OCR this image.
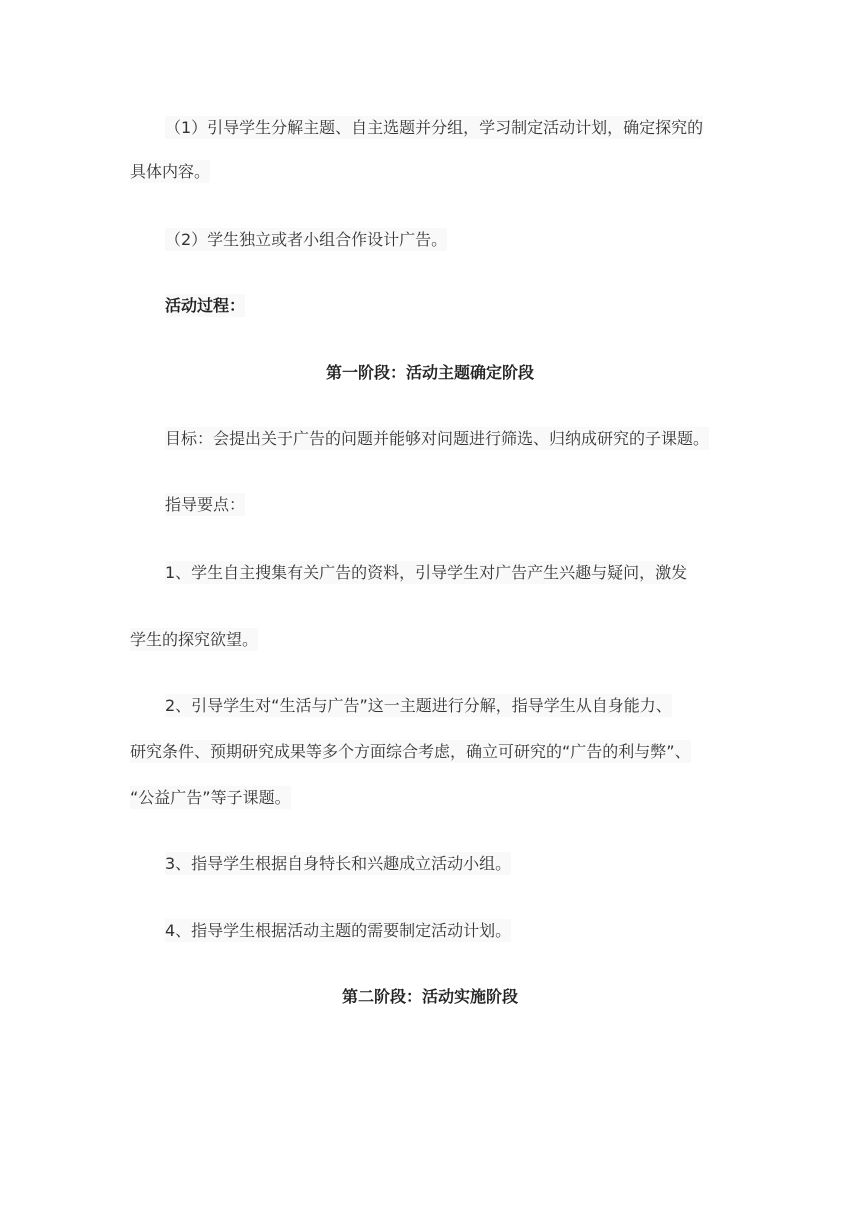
（1）引导学生分解主题、自主选题并分组，学习制定活动计划，确定探究的
具体内容。
（2）学生独立或者小组合作设计广告。
活动过程：
第一阶段：活动主题确定阶段
目标：会提出关于广告的问题并能够对问题进行筛选、归纳成研究的子课题。
指导要点：
1、学生自主搜集有关广告的资料，引导学生对广告产生兴趣与疑问，激发
学生的探究欲望。
2、引导学生对“生活与广告”这一主题进行分解，指导学生从自身能力、
研究条件、预期研究成果等多个方面综合考虑，确立可研究的“广告的利与弊”、
“公益广告”等子课题。
3、指导学生根据自身特长和兴趣成立活动小组。
4、指导学生根据活动主题的需要制定活动计划。
第二阶段：活动实施阶段
